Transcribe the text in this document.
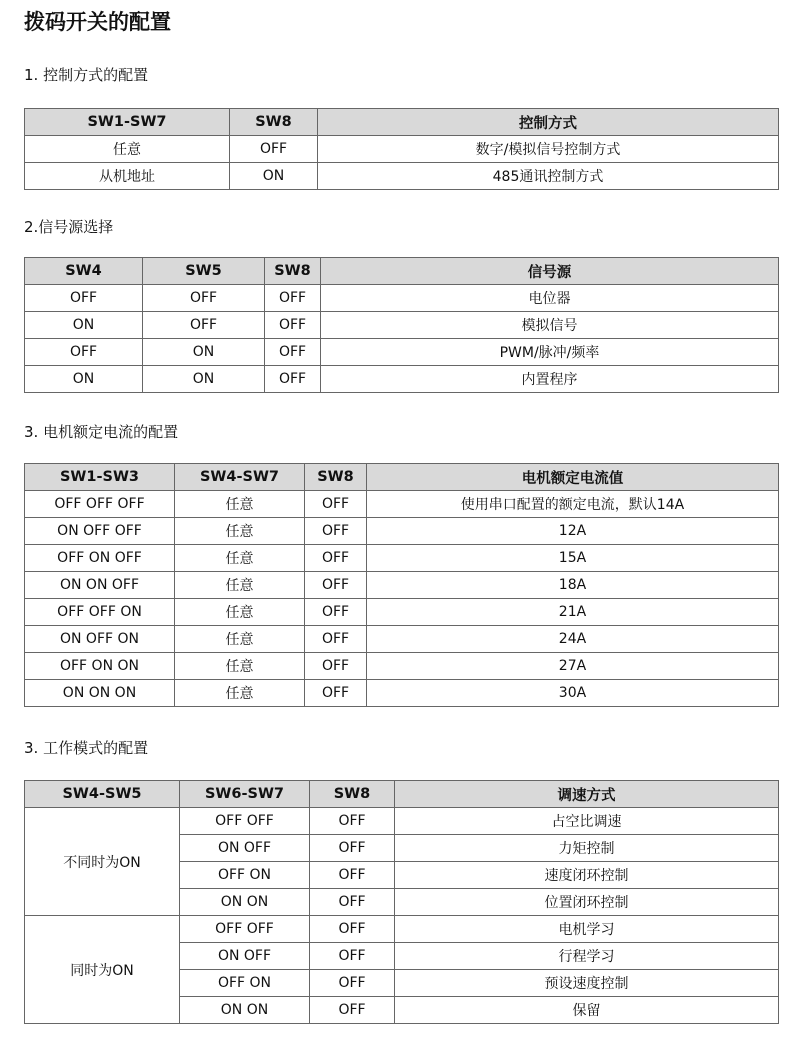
拨码开关的配置
1. 控制方式的配置
SW1-SW7	SW8	控制方式
任意	OFF	数字/模拟信号控制方式
从机地址	ON	485通讯控制方式
2.信号源选择
SW4	SW5	SW8	信号源
OFF	OFF	OFF	电位器
ON	OFF	OFF	模拟信号
OFF	ON	OFF	PWM/脉冲/频率
ON	ON	OFF	内置程序
3. 电机额定电流的配置
SW1-SW3	SW4-SW7	SW8	电机额定电流值
OFF OFF OFF	任意	OFF	使用串口配置的额定电流，默认14A
ON OFF OFF	任意	OFF	12A
OFF ON OFF	任意	OFF	15A
ON ON OFF	任意	OFF	18A
OFF OFF ON	任意	OFF	21A
ON OFF ON	任意	OFF	24A
OFF ON ON	任意	OFF	27A
ON ON ON	任意	OFF	30A
3. 工作模式的配置
SW4-SW5	SW6-SW7	SW8	调速方式
不同时为ON	OFF OFF	OFF	占空比调速
	ON OFF	OFF	力矩控制
	OFF ON	OFF	速度闭环控制
	ON ON	OFF	位置闭环控制
同时为ON	OFF OFF	OFF	电机学习
	ON OFF	OFF	行程学习
	OFF ON	OFF	预设速度控制
	ON ON	OFF	保留
